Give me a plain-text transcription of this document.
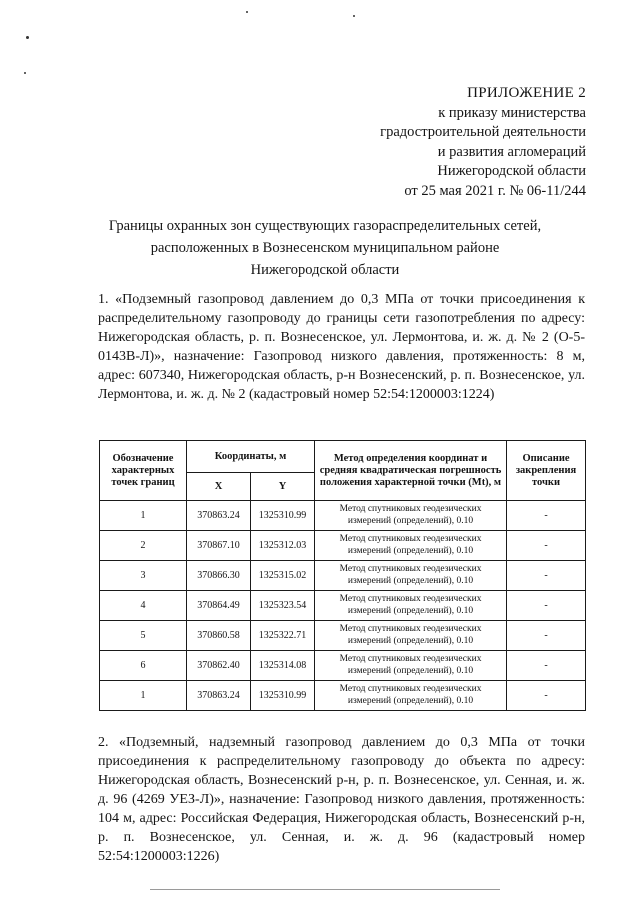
ПРИЛОЖЕНИЕ 2
к приказу министерства
градостроительной деятельности
и развития агломераций
Нижегородской области
от 25 мая 2021 г. № 06-11/244
Границы охранных зон существующих газораспределительных сетей,
расположенных в Вознесенском муниципальном районе
Нижегородской области
1. «Подземный газопровод давлением до 0,3 МПа от точки присоединения к распределительному газопроводу до границы сети газопотребления по адресу: Нижегородская область, р. п. Вознесенское, ул. Лермонтова, и. ж. д. № 2 (О-5-0143В-Л)», назначение: Газопровод низкого давления, протяженность: 8 м, адрес: 607340, Нижегородская область, р-н Вознесенский, р. п. Вознесенское, ул. Лермонтова, и. ж. д. № 2 (кадастровый номер 52:54:1200003:1224)
Обозначение характерных точек границ	Координаты, м		Метод определения координат и средняя квадратическая погрешность положения характерной точки (Mt), м	Описание закрепления точки
	X	Y		
1	370863.24	1325310.99	Метод спутниковых геодезических измерений (определений), 0.10	-
2	370867.10	1325312.03	Метод спутниковых геодезических измерений (определений), 0.10	-
3	370866.30	1325315.02	Метод спутниковых геодезических измерений (определений), 0.10	-
4	370864.49	1325323.54	Метод спутниковых геодезических измерений (определений), 0.10	-
5	370860.58	1325322.71	Метод спутниковых геодезических измерений (определений), 0.10	-
6	370862.40	1325314.08	Метод спутниковых геодезических измерений (определений), 0.10	-
1	370863.24	1325310.99	Метод спутниковых геодезических измерений (определений), 0.10	-
2. «Подземный, надземный газопровод давлением до 0,3 МПа от точки присоединения к распределительному газопроводу до объекта по адресу: Нижегородская область, Вознесенский р-н, р. п. Вознесенское, ул. Сенная, и. ж. д. 96 (4269 УЕЗ-Л)», назначение: Газопровод низкого давления, протяженность: 104 м, адрес: Российская Федерация, Нижегородская область, Вознесенский р-н, р. п. Вознесенское, ул. Сенная, и. ж. д. 96 (кадастровый номер 52:54:1200003:1226)
